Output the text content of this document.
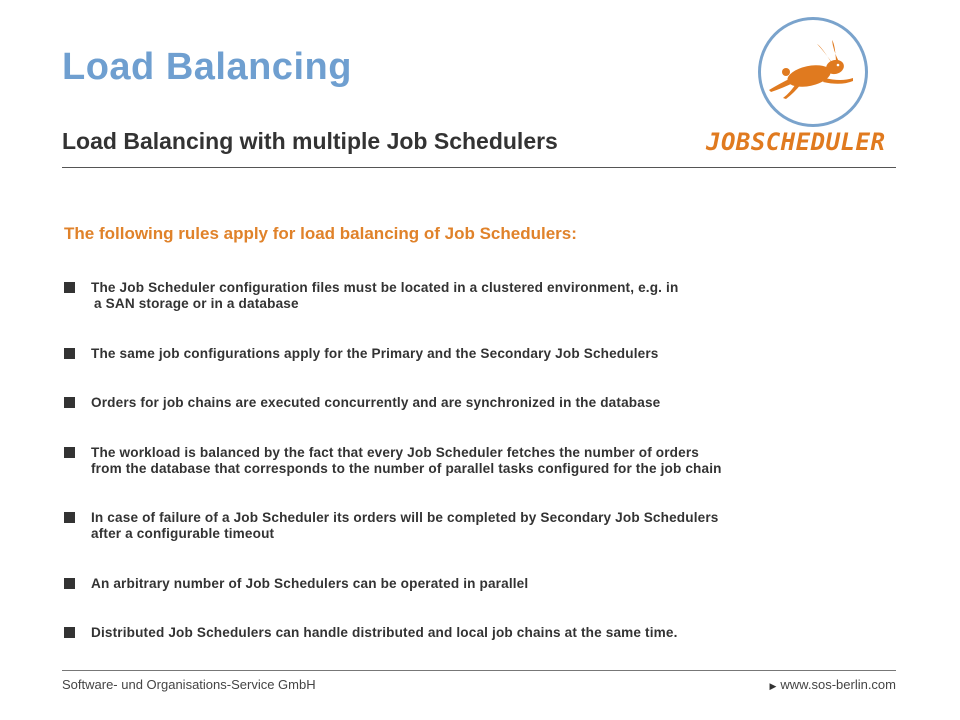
Load Balancing
JOBSCHEDULER
Load Balancing with multiple Job Schedulers

The following rules apply for load balancing of Job Schedulers:

The Job Scheduler configuration files must be located in a clustered environment, e.g. in
a SAN storage or in a database
The same job configurations apply for the Primary and the Secondary Job Schedulers
Orders for job chains are executed concurrently and are synchronized in the database
The workload is balanced by the fact that every Job Scheduler fetches the number of orders
from the database that corresponds to the number of parallel tasks configured for the job chain
In case of failure of a Job Scheduler its orders will be completed by Secondary Job Schedulers
after a configurable timeout
An arbitrary number of Job Schedulers can be operated in parallel
Distributed Job Schedulers can handle distributed and local job chains at the same time.
Software- und Organisations-Service GmbH	▶ www.sos-berlin.com
